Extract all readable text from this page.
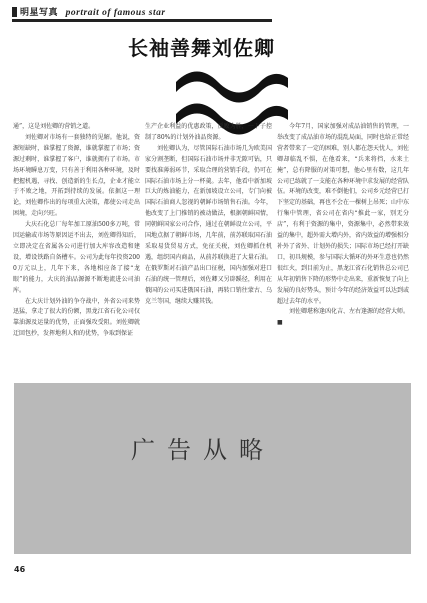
明星写真 portrait of famous star
长袖善舞刘佐卿

通”，这是刘佐卿的营销之道。

刘佐卿对市场有一套独特的见解。他说，资源短缺时，谁掌握了资源，谁就掌握了市场；资源过剩时，谁掌握了客户，谁就拥有了市场。市场环境瞬息万变，只有善于利用各种环境，及时把握机遇，寻找、创造新的生长点，企业才能立于不败之地，开拓到持续的发展。依据这一理论，刘佐卿作出的每项重大决策，都使公司走出困境，走向兴旺。

大庆石化总厂每年加工原油500多万吨，常因运输或市场等原因运不出去，刘佐卿得知后，立即决定在省属各公司进行加大库容改造和建设，增设铁路自备槽车。公司为此每年投资2000万元以上，几年下来，各地相应备了接“龙眼”的能力，大庆的油品源源不断地流进公司油库。

在大庆计划外油的争夺战中，外省公司来势迅猛，拿走了很大的份额，黑龙江省石化公司仅靠油源及运量的优势，正面强攻受阻。刘佐卿就迂回包抄，发挥地利人和的优势，争取到保证

生产企业利益的优惠政策，反败为胜，一下子控制了80%的计划外油品资源。

刘佐卿认为，尽管国际石油市场几为欧美国家分割垄断，但国际石油市场并非无隙可钻，只要找准薄弱环节，采取合理的营销手段，仍可在国际石油市场上分一杯羹。去年，他看中新加坡巨大的炼油能力，在新加坡设立公司，专门向被国际石油商人忽视的朝鲜市场销售石油。今年，他改变了上门推销的被动做法，根据朝鲜国情，同朝鲜国家公司合作，通过在朝鲜设立公司，平国地点据了朝鲜市场，几年前，前苏联取国石油采取易货贸易方式，免征关税，刘佐卿抓住机遇，组织国内商品，从前苏联换进了大量石油。在俄罗斯对石油产品出口征税，国内加强对进口石油的统一管理后，刘佐卿又另辟蹊径，利用在俄国的公司买进俄国石油，再转口销往蒙古、乌克兰等国，继续大赚其钱。

今年7月，国家加强对成品油销售的管理，一举改变了成品油市场的混乱局面，同时也给正常经营者带来了一定的困难，别人都在怨天忧人，刘佐卿却临乱不惧，在他看来，“兵来将挡，水来土掩”，总有降服的对策可想，他心里有数，这几年公司已练就了一支能在各种环境中求发展的经营队伍。环境的改变，难不倒他们，公司乡元经营已打下坚定的基础，再也不会在一棵树上吊死；山中东行集中管理，省公司在省内“推此一家，别无分店”，有利于资源的集中，资源集中，必然带来效益的集中，超外需大增内外，省内效益的增强相分补外了省外、计划外的损失；国际市场已经打开缺口，初具规模，参与国际大循环的外环生意也仍然很红火，到目前为止，黑龙江省石化销售总公司已从年初销售下降的形势中走出来，重新恢复了向上发展的良好势头，预计今年的经济效益可以达到或超过去年的水平。

刘佐卿堪称逢凶化吉、左右逢源的经营大师。■

广告从略
46
